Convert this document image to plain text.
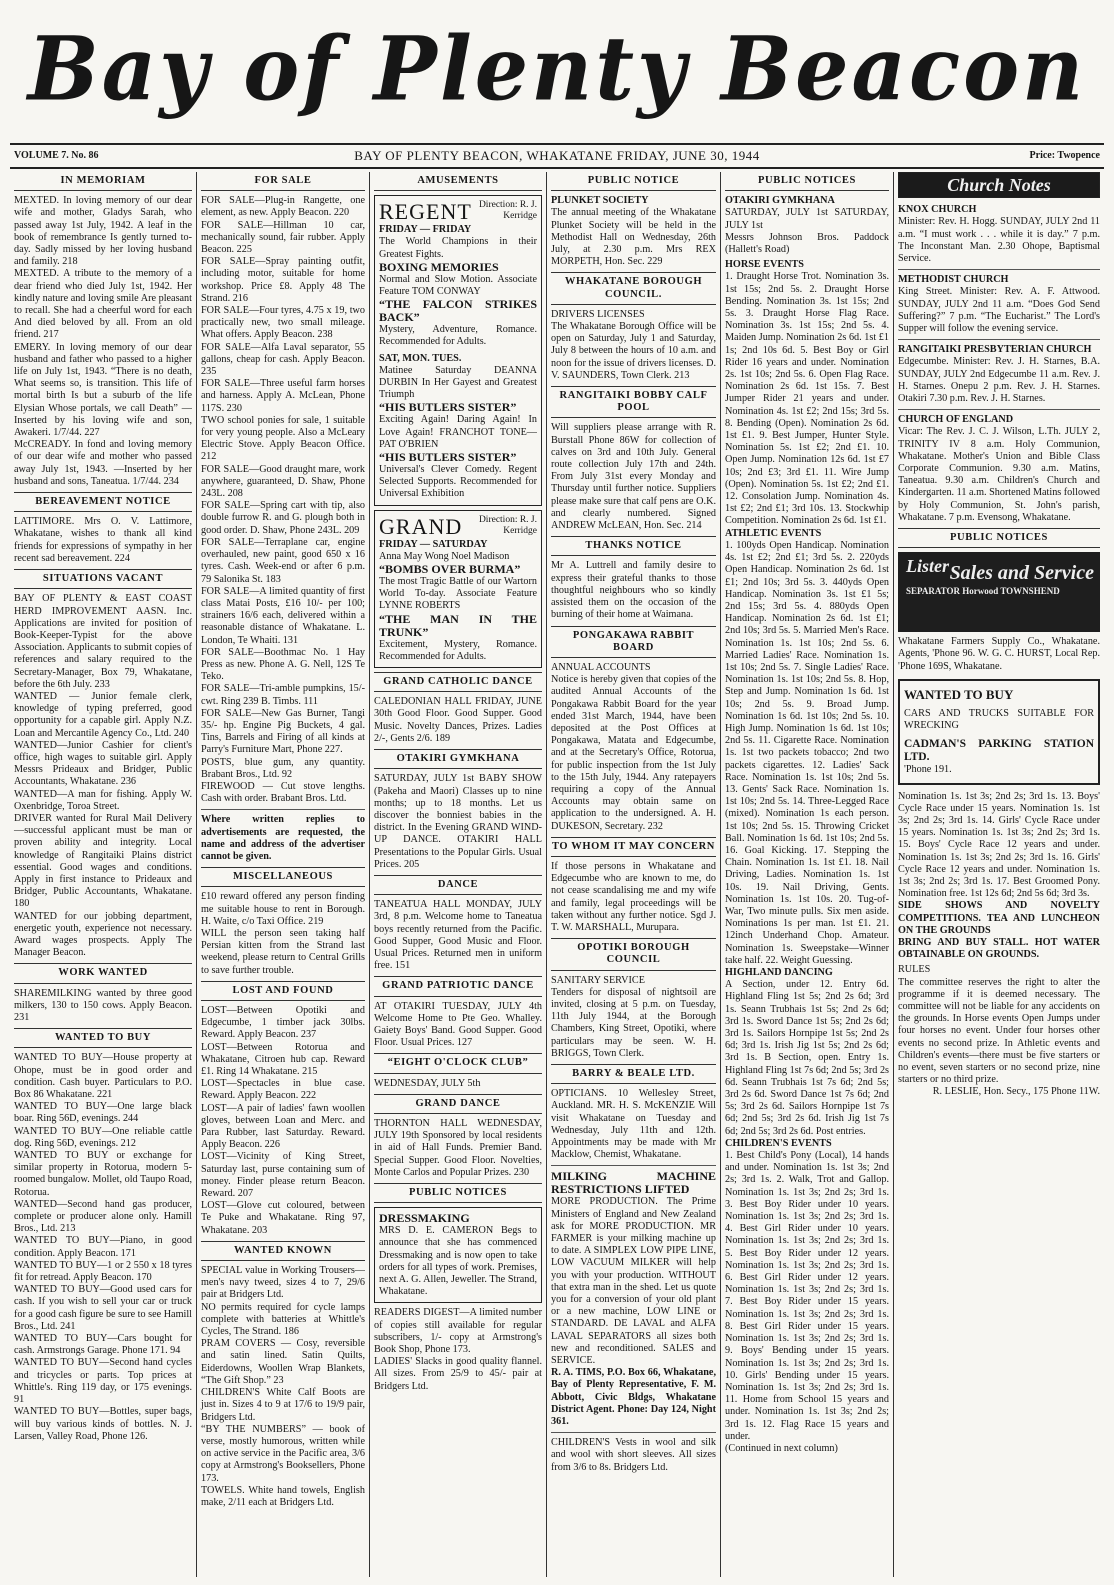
Bay of Plenty Beacon
BAY OF PLENTY BEACON, WHAKATANE FRIDAY, JUNE 30, 1944
VOLUME 7. No. 86	Price: Twopence
IN MEMORIAM

MEXTED. In loving memory of our dear wife and mother, Gladys Sarah, who passed away 1st July, 1942. A leaf in the book of remembrance Is gently turned to-day. Sadly missed by her loving husband and family. 218

MEXTED. A tribute to the memory of a dear friend who died July 1st, 1942. Her kindly nature and loving smile Are pleasant to recall. She had a cheerful word for each And died beloved by all. From an old friend. 217

EMERY. In loving memory of our dear husband and father who passed to a higher life on July 1st, 1943. “There is no death, What seems so, is transition. This life of mortal birth Is but a suburb of the life Elysian Whose portals, we call Death” —Inserted by his loving wife and son, Awakeri. 1/7/44. 227

McCREADY. In fond and loving memory of our dear wife and mother who passed away July 1st, 1943. —Inserted by her husband and sons, Taneatua. 1/7/44. 234

BEREAVEMENT NOTICE

LATTIMORE. Mrs O. V. Lattimore, Whakatane, wishes to thank all kind friends for expressions of sympathy in her recent sad bereavement. 224

SITUATIONS VACANT

BAY OF PLENTY & EAST COAST HERD IMPROVEMENT AASN. Inc. Applications are invited for position of Book-Keeper-Typist for the above Association. Applicants to submit copies of references and salary required to the Secretary-Manager, Box 79, Whakatane, before the 6th July. 233

WANTED — Junior female clerk, knowledge of typing preferred, good opportunity for a capable girl. Apply N.Z. Loan and Mercantile Agency Co., Ltd. 240

WANTED—Junior Cashier for client's office, high wages to suitable girl. Apply Messrs Prideaux and Bridger, Public Accountants, Whakatane. 236

WANTED—A man for fishing. Apply W. Oxenbridge, Toroa Street.

DRIVER wanted for Rural Mail Delivery—successful applicant must be man or proven ability and integrity. Local knowledge of Rangitaiki Plains district essential. Good wages and conditions. Apply in first instance to Prideaux and Bridger, Public Accountants, Whakatane. 180

WANTED for our jobbing department, energetic youth, experience not necessary. Award wages prospects. Apply The Manager Beacon.

WORK WANTED

SHAREMILKING wanted by three good milkers, 130 to 150 cows. Apply Beacon. 231

WANTED TO BUY

WANTED TO BUY—House property at Ohope, must be in good order and condition. Cash buyer. Particulars to P.O. Box 86 Whakatane. 221

WANTED TO BUY—One large black boar. Ring 56D, evenings. 244

WANTED TO BUY—One reliable cattle dog. Ring 56D, evenings. 212

WANTED TO BUY or exchange for similar property in Rotorua, modern 5-roomed bungalow. Mollet, old Taupo Road, Rotorua.

WANTED—Second hand gas producer, complete or producer alone only. Hamill Bros., Ltd. 213

WANTED TO BUY—Piano, in good condition. Apply Beacon. 171

WANTED TO BUY—1 or 2 550 x 18 tyres fit for retread. Apply Beacon. 170

WANTED TO BUY—Good used cars for cash. If you wish to sell your car or truck for a good cash figure be sure to see Hamill Bros., Ltd. 241

WANTED TO BUY—Cars bought for cash. Armstrongs Garage. Phone 171. 94

WANTED TO BUY—Second hand cycles and tricycles or parts. Top prices at Whittle's. Ring 119 day, or 175 evenings. 91

WANTED TO BUY—Bottles, super bags, will buy various kinds of bottles. N. J. Larsen, Valley Road, Phone 126.

FOR SALE

FOR SALE—Plug-in Rangette, one element, as new. Apply Beacon. 220

FOR SALE—Hillman 10 car, mechanically sound, fair rubber. Apply Beacon. 225

FOR SALE—Spray painting outfit, including motor, suitable for home workshop. Price £8. Apply 48 The Strand. 216

FOR SALE—Four tyres, 4.75 x 19, two practically new, two small mileage. What offers. Apply Beacon. 238

FOR SALE—Alfa Laval separator, 55 gallons, cheap for cash. Apply Beacon. 235

FOR SALE—Three useful farm horses and harness. Apply A. McLean, Phone 117S. 230

TWO school ponies for sale, 1 suitable for very young people. Also a McLeary Electric Stove. Apply Beacon Office. 212

FOR SALE—Good draught mare, work anywhere, guaranteed, D. Shaw, Phone 243L. 208

FOR SALE—Spring cart with tip, also double furrow R. and G. plough both in good order. D. Shaw, Phone 243L. 209

FOR SALE—Terraplane car, engine overhauled, new paint, good 650 x 16 tyres. Cash. Week-end or after 6 p.m. 79 Salonika St. 183

FOR SALE—A limited quantity of first class Matai Posts, £16 10/- per 100; strainers 16/6 each, delivered within a reasonable distance of Whakatane. L. London, Te Whaiti. 131

FOR SALE—Boothmac No. 1 Hay Press as new. Phone A. G. Nell, 12S Te Teko.

FOR SALE—Tri-amble pumpkins, 15/- cwt. Ring 239 B. Timbs. 111

FOR SALE—New Gas Burner, Tangi 35/- hp. Engine Pig Buckets, 4 gal. Tins, Barrels and Firing of all kinds at Parry's Furniture Mart, Phone 227.

POSTS, blue gum, any quantity. Brabant Bros., Ltd. 92

FIREWOOD — Cut stove lengths. Cash with order. Brabant Bros. Ltd.

Where written replies to advertisements are requested, the name and address of the advertiser cannot be given.

MISCELLANEOUS

£10 reward offered any person finding me suitable house to rent in Borough. H. Waite, c/o Taxi Office. 219

WILL the person seen taking half Persian kitten from the Strand last weekend, please return to Central Grills to save further trouble.

LOST AND FOUND

LOST—Between Opotiki and Edgecumbe, 1 timber jack 30lbs. Reward. Apply Beacon. 237

LOST—Between Rotorua and Whakatane, Citroen hub cap. Reward £1. Ring 14 Whakatane. 215

LOST—Spectacles in blue case. Reward. Apply Beacon. 222

LOST—A pair of ladies' fawn woollen gloves, between Loan and Merc. and Para Rubber, last Saturday. Reward. Apply Beacon. 226

LOST—Vicinity of King Street, Saturday last, purse containing sum of money. Finder please return Beacon. Reward. 207

LOST—Glove cut coloured, between Te Puke and Whakatane. Ring 97, Whakatane. 203

WANTED KNOWN

SPECIAL value in Working Trousers—men's navy tweed, sizes 4 to 7, 29/6 pair at Bridgers Ltd.

NO permits required for cycle lamps complete with batteries at Whittle's Cycles, The Strand. 186

PRAM COVERS — Cosy, reversible and satin lined. Satin Quilts, Eiderdowns, Woollen Wrap Blankets, “The Gift Shop.” 23

CHILDREN'S White Calf Boots are just in. Sizes 4 to 9 at 17/6 to 19/9 pair, Bridgers Ltd.

“BY THE NUMBERS” — book of verse, mostly humorous, written while on active service in the Pacific area, 3/6 copy at Armstrong's Booksellers, Phone 173.

TOWELS. White hand towels, English make, 2/11 each at Bridgers Ltd.

AMUSEMENTS
REGENT Direction: R. J. Kerridge

FRIDAY — FRIDAY

The World Champions in their Greatest Fights.

BOXING MEMORIES

Normal and Slow Motion. Associate Feature TOM CONWAY

“THE FALCON STRIKES BACK”

Mystery, Adventure, Romance. Recommended for Adults.

SAT, MON. TUES.

Matinee Saturday DEANNA DURBIN In Her Gayest and Greatest Triumph

“HIS BUTLERS SISTER”

Exciting Again! Daring Again! In Love Again! FRANCHOT TONE—PAT O'BRIEN

“HIS BUTLERS SISTER”

Universal's Clever Comedy. Regent Selected Supports. Recommended for Universal Exhibition

GRAND	Direction: R. J. Kerridge

FRIDAY — SATURDAY

Anna May Wong Noel Madison

“BOMBS OVER BURMA”

The most Tragic Battle of our Wartorn World To-day. Associate Feature LYNNE ROBERTS

“THE MAN IN THE TRUNK”

Excitement, Mystery, Romance. Recommended for Adults.

GRAND CATHOLIC DANCE

CALEDONIAN HALL FRIDAY, JUNE 30th Good Floor. Good Supper. Good Music. Novelty Dances, Prizes. Ladies 2/-, Gents 2/6. 189

OTAKIRI GYMKHANA

SATURDAY, JULY 1st BABY SHOW (Pakeha and Maori) Classes up to nine months; up to 18 months. Let us discover the bonniest babies in the district. In the Evening GRAND WIND-UP DANCE. OTAKIRI HALL Presentations to the Popular Girls. Usual Prices. 205

DANCE

TANEATUA HALL MONDAY, JULY 3rd, 8 p.m. Welcome home to Taneatua boys recently returned from the Pacific. Good Supper, Good Music and Floor. Usual Prices. Returned men in uniform free. 151

GRAND PATRIOTIC DANCE

AT OTAKIRI TUESDAY, JULY 4th Welcome Home to Pte Geo. Whalley. Gaiety Boys' Band. Good Supper. Good Floor. Usual Prices. 127

“EIGHT O'CLOCK CLUB”

WEDNESDAY, JULY 5th

GRAND DANCE

THORNTON HALL WEDNESDAY, JULY 19th Sponsored by local residents in aid of Hall Funds. Premier Band. Special Supper. Good Floor. Novelties, Monte Carlos and Popular Prizes. 230

PUBLIC NOTICES

DRESSMAKING

MRS D. E. CAMERON Begs to announce that she has commenced Dressmaking and is now open to take orders for all types of work. Premises, next A. G. Allen, Jeweller. The Strand, Whakatane.

READERS DIGEST—A limited number of copies still available for regular subscribers, 1/- copy at Armstrong's Book Shop, Phone 173.

LADIES' Slacks in good quality flannel. All sizes. From 25/9 to 45/- pair at Bridgers Ltd.

PUBLIC NOTICE

PLUNKET SOCIETY

The annual meeting of the Whakatane Plunket Society will be held in the Methodist Hall on Wednesday, 26th July, at 2.30 p.m. Mrs REX MORPETH, Hon. Sec. 229

WHAKATANE BOROUGH COUNCIL.

DRIVERS LICENSES

The Whakatane Borough Office will be open on Saturday, July 1 and Saturday, July 8 between the hours of 10 a.m. and noon for the issue of drivers licenses. D. V. SAUNDERS, Town Clerk. 213

RANGITAIKI BOBBY CALF POOL

Will suppliers please arrange with R. Burstall Phone 86W for collection of calves on 3rd and 10th July. General route collection July 17th and 24th. From July 31st every Monday and Thursday until further notice. Suppliers please make sure that calf pens are O.K. and clearly numbered. Signed ANDREW McLEAN, Hon. Sec. 214

THANKS NOTICE

Mr A. Luttrell and family desire to express their grateful thanks to those thoughtful neighbours who so kindly assisted them on the occasion of the burning of their home at Waimana.

PONGAKAWA RABBIT BOARD

ANNUAL ACCOUNTS

Notice is hereby given that copies of the audited Annual Accounts of the Pongakawa Rabbit Board for the year ended 31st March, 1944, have been deposited at the Post Offices at Pongakawa, Matata and Edgecumbe, and at the Secretary's Office, Rotorua, for public inspection from the 1st July to the 15th July, 1944. Any ratepayers requiring a copy of the Annual Accounts may obtain same on application to the undersigned. A. H. DUKESON, Secretary. 232

TO WHOM IT MAY CONCERN

If those persons in Whakatane and Edgecumbe who are known to me, do not cease scandalising me and my wife and family, legal proceedings will be taken without any further notice. Sgd J. T. W. MARSHALL, Murupara.

OPOTIKI BOROUGH COUNCIL

SANITARY SERVICE

Tenders for disposal of nightsoil are invited, closing at 5 p.m. on Tuesday, 11th July 1944, at the Borough Chambers, King Street, Opotiki, where particulars may be seen. W. H. BRIGGS, Town Clerk.

BARRY & BEALE LTD.

OPTICIANS. 10 Wellesley Street, Auckland. MR. H. S. McKENZIE Will visit Whakatane on Tuesday and Wednesday, July 11th and 12th. Appointments may be made with Mr Macklow, Chemist, Whakatane.

MILKING MACHINE RESTRICTIONS LIFTED

MORE PRODUCTION. The Prime Ministers of England and New Zealand ask for MORE PRODUCTION. MR FARMER is your milking machine up to date. A SIMPLEX LOW PIPE LINE, LOW VACUUM MILKER will help you with your production. WITHOUT that extra man in the shed. Let us quote you for a conversion of your old plant or a new machine, LOW LINE or STANDARD. DE LAVAL and ALFA LAVAL SEPARATORS all sizes both new and reconditioned. SALES and SERVICE.

R. A. TIMS, P.O. Box 66, Whakatane, Bay of Plenty Representative, F. M. Abbott, Civic Bldgs, Whakatane District Agent. Phone: Day 124, Night 361.

CHILDREN'S Vests in wool and silk and wool with short sleeves. All sizes from 3/6 to 8s. Bridgers Ltd.

PUBLIC NOTICES

OTAKIRI GYMKHANA

SATURDAY, JULY 1st SATURDAY, JULY 1st

Messrs Johnson Bros. Paddock (Hallett's Road)

HORSE EVENTS

1. Draught Horse Trot. Nomination 3s. 1st 15s; 2nd 5s. 2. Draught Horse Bending. Nomination 3s. 1st 15s; 2nd 5s. 3. Draught Horse Flag Race. Nomination 3s. 1st 15s; 2nd 5s. 4. Maiden Jump. Nomination 2s 6d. 1st £1 1s; 2nd 10s 6d. 5. Best Boy or Girl Rider 16 years and under. Nomination 2s. 1st 10s; 2nd 5s. 6. Open Flag Race. Nomination 2s 6d. 1st 15s. 7. Best Jumper Rider 21 years and under. Nomination 4s. 1st £2; 2nd 15s; 3rd 5s. 8. Bending (Open). Nomination 2s 6d. 1st £1. 9. Best Jumper, Hunter Style. Nomination 5s. 1st £2; 2nd £1. 10. Open Jump. Nomination 12s 6d. 1st £7 10s; 2nd £3; 3rd £1. 11. Wire Jump (Open). Nomination 5s. 1st £2; 2nd £1. 12. Consolation Jump. Nomination 4s. 1st £2; 2nd £1; 3rd 10s. 13. Stockwhip Competition. Nomination 2s 6d. 1st £1.

ATHLETIC EVENTS

1. 100yds Open Handicap. Nomination 4s. 1st £2; 2nd £1; 3rd 5s. 2. 220yds Open Handicap. Nomination 2s 6d. 1st £1; 2nd 10s; 3rd 5s. 3. 440yds Open Handicap. Nomination 3s. 1st £1 5s; 2nd 15s; 3rd 5s. 4. 880yds Open Handicap. Nomination 2s 6d. 1st £1; 2nd 10s; 3rd 5s. 5. Married Men's Race. Nomination 1s. 1st 10s; 2nd 5s. 6. Married Ladies' Race. Nomination 1s. 1st 10s; 2nd 5s. 7. Single Ladies' Race. Nomination 1s. 1st 10s; 2nd 5s. 8. Hop, Step and Jump. Nomination 1s 6d. 1st 10s; 2nd 5s. 9. Broad Jump. Nomination 1s 6d. 1st 10s; 2nd 5s. 10. High Jump. Nomination 1s 6d. 1st 10s; 2nd 5s. 11. Cigarette Race. Nomination 1s. 1st two packets tobacco; 2nd two packets cigarettes. 12. Ladies' Sack Race. Nomination 1s. 1st 10s; 2nd 5s. 13. Gents' Sack Race. Nomination 1s. 1st 10s; 2nd 5s. 14. Three-Legged Race (mixed). Nomination 1s each person. 1st 10s; 2nd 5s. 15. Throwing Cricket Ball. Nomination 1s 6d. 1st 10s; 2nd 5s. 16. Goal Kicking. 17. Stepping the Chain. Nomination 1s. 1st £1. 18. Nail Driving, Ladies. Nomination 1s. 1st 10s. 19. Nail Driving, Gents. Nomination 1s. 1st 10s. 20. Tug-of-War, Two minute pulls. Six men aside. Nominations 1s per man. 1st £1. 21. 12inch Underhand Chop. Amateur. Nomination 1s. Sweepstake—Winner take half. 22. Weight Guessing.

HIGHLAND DANCING

A Section, under 12. Entry 6d. Highland Fling 1st 5s; 2nd 2s 6d; 3rd 1s. Seann Trubhais 1st 5s; 2nd 2s 6d; 3rd 1s. Sword Dance 1st 5s; 2nd 2s 6d; 3rd 1s. Sailors Hornpipe 1st 5s; 2nd 2s 6d; 3rd 1s. Irish Jig 1st 5s; 2nd 2s 6d; 3rd 1s. B Section, open. Entry 1s. Highland Fling 1st 7s 6d; 2nd 5s; 3rd 2s 6d. Seann Trubhais 1st 7s 6d; 2nd 5s; 3rd 2s 6d. Sword Dance 1st 7s 6d; 2nd 5s; 3rd 2s 6d. Sailors Hornpipe 1st 7s 6d; 2nd 5s; 3rd 2s 6d. Irish Jig 1st 7s 6d; 2nd 5s; 3rd 2s 6d. Post entries.

CHILDREN'S EVENTS

1. Best Child's Pony (Local), 14 hands and under. Nomination 1s. 1st 3s; 2nd 2s; 3rd 1s. 2. Walk, Trot and Gallop. Nomination 1s. 1st 3s; 2nd 2s; 3rd 1s. 3. Best Boy Rider under 10 years. Nomination 1s. 1st 3s; 2nd 2s; 3rd 1s. 4. Best Girl Rider under 10 years. Nomination 1s. 1st 3s; 2nd 2s; 3rd 1s. 5. Best Boy Rider under 12 years. Nomination 1s. 1st 3s; 2nd 2s; 3rd 1s. 6. Best Girl Rider under 12 years. Nomination 1s. 1st 3s; 2nd 2s; 3rd 1s. 7. Best Boy Rider under 15 years. Nomination 1s. 1st 3s; 2nd 2s; 3rd 1s. 8. Best Girl Rider under 15 years. Nomination 1s. 1st 3s; 2nd 2s; 3rd 1s. 9. Boys' Bending under 15 years. Nomination 1s. 1st 3s; 2nd 2s; 3rd 1s. 10. Girls' Bending under 15 years. Nomination 1s. 1st 3s; 2nd 2s; 3rd 1s. 11. Home from School 15 years and under. Nomination 1s. 1st 3s; 2nd 2s; 3rd 1s. 12. Flag Race 15 years and under.

(Continued in next column)

Church Notes

KNOX CHURCH

Minister: Rev. H. Hogg. SUNDAY, JULY 2nd 11 a.m. “I must work . . . while it is day.” 7 p.m. The Inconstant Man. 2.30 Ohope, Baptismal Service.

METHODIST CHURCH

King Street. Minister: Rev. A. F. Attwood. SUNDAY, JULY 2nd 11 a.m. “Does God Send Suffering?” 7 p.m. “The Eucharist.” The Lord's Supper will follow the evening service.

RANGITAIKI PRESBYTERIAN CHURCH

Edgecumbe. Minister: Rev. J. H. Starnes, B.A. SUNDAY, JULY 2nd Edgecumbe 11 a.m. Rev. J. H. Starnes. Onepu 2 p.m. Rev. J. H. Starnes. Otakiri 7.30 p.m. Rev. J. H. Starnes.

CHURCH OF ENGLAND

Vicar: The Rev. J. C. J. Wilson, L.Th. JULY 2, TRINITY IV 8 a.m. Holy Communion, Whakatane. Mother's Union and Bible Class Corporate Communion. 9.30 a.m. Matins, Taneatua. 9.30 a.m. Children's Church and Kindergarten. 11 a.m. Shortened Matins followed by Holy Communion, St. John's parish, Whakatane. 7 p.m. Evensong, Whakatane.

PUBLIC NOTICES
Lister
SEPARATOR Horwood TOWNSHEND
Sales and Service

Whakatane Farmers Supply Co., Whakatane. Agents, 'Phone 96. W. G. C. HURST, Local Rep. 'Phone 169S, Whakatane.

WANTED TO BUY

CARS AND TRUCKS SUITABLE FOR WRECKING

CADMAN'S PARKING STATION LTD.

'Phone 191.

Nomination 1s. 1st 3s; 2nd 2s; 3rd 1s. 13. Boys' Cycle Race under 15 years. Nomination 1s. 1st 3s; 2nd 2s; 3rd 1s. 14. Girls' Cycle Race under 15 years. Nomination 1s. 1st 3s; 2nd 2s; 3rd 1s. 15. Boys' Cycle Race 12 years and under. Nomination 1s. 1st 3s; 2nd 2s; 3rd 1s. 16. Girls' Cycle Race 12 years and under. Nomination 1s. 1st 3s; 2nd 2s; 3rd 1s. 17. Best Groomed Pony. Nomination free. 1st 12s 6d; 2nd 5s 6d; 3rd 3s.

SIDE SHOWS AND NOVELTY COMPETITIONS. TEA AND LUNCHEON ON THE GROUNDS

BRING AND BUY STALL. HOT WATER OBTAINABLE ON GROUNDS.

RULES

The committee reserves the right to alter the programme if it is deemed necessary. The committee will not be liable for any accidents on the grounds. In Horse events Open Jumps under four horses no event. Under four horses other events no second prize. In Athletic events and Children's events—there must be five starters or no event, seven starters or no second prize, nine starters or no third prize.

R. LESLIE, Hon. Secy., 175 Phone 11W.
